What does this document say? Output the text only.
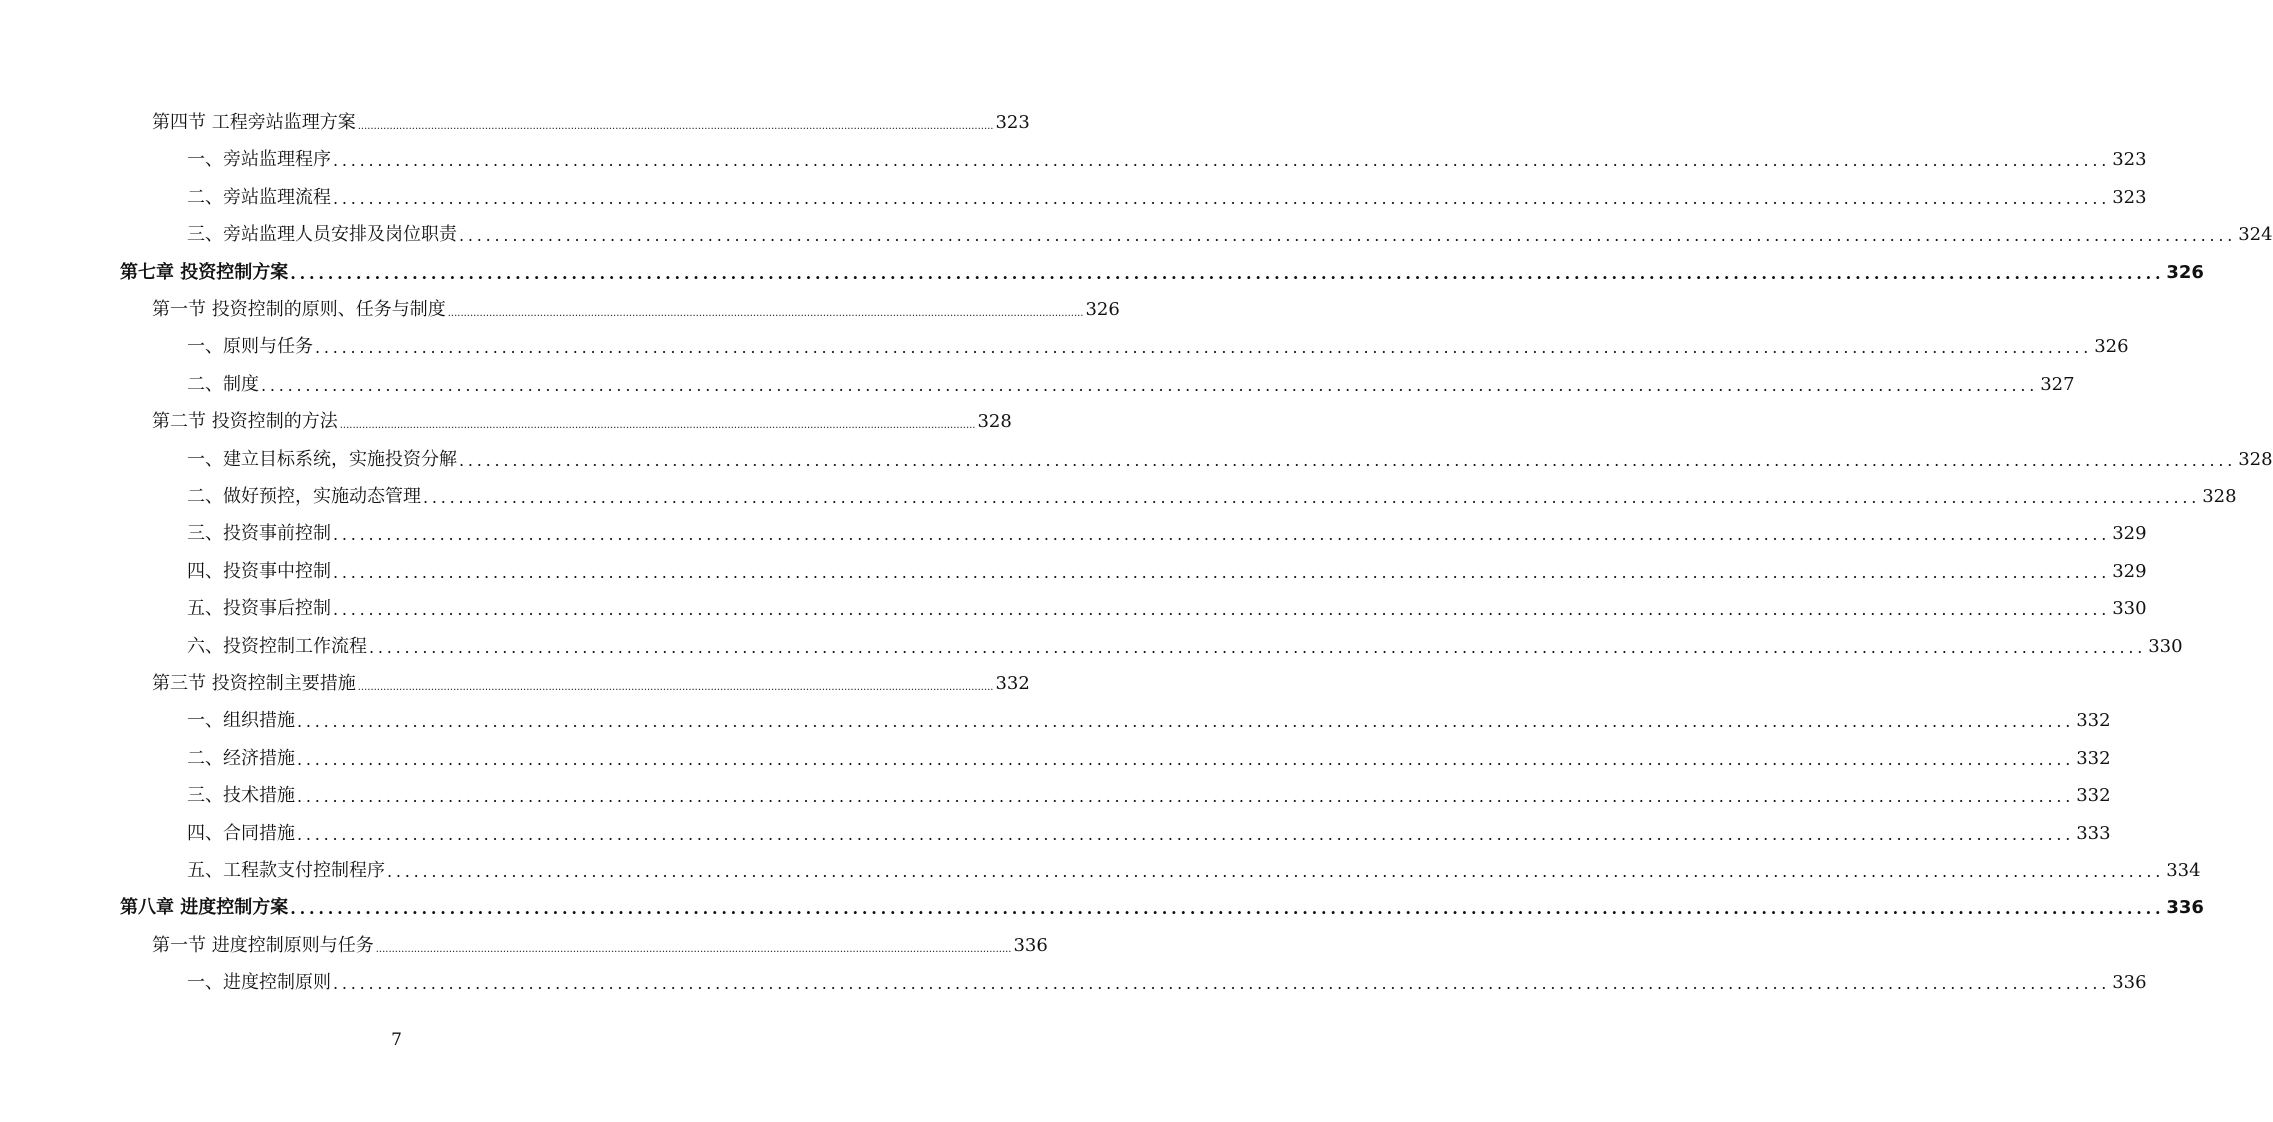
第四节 工程旁站监理方案 ........................................................................................................................................................................................................ 323
一、旁站监理程序 ........................................................................................................................................................................................................ 323
二、旁站监理流程 ........................................................................................................................................................................................................ 323
三、旁站监理人员安排及岗位职责 ........................................................................................................................................................................................................ 324
第七章 投资控制方案 ........................................................................................................................................................................................................ 326
第一节 投资控制的原则、任务与制度 ........................................................................................................................................................................................................ 326
一、原则与任务 ........................................................................................................................................................................................................ 326
二、制度 ........................................................................................................................................................................................................ 327
第二节 投资控制的方法 ........................................................................................................................................................................................................ 328
一、建立目标系统，实施投资分解 ........................................................................................................................................................................................................ 328
二、做好预控，实施动态管理 ........................................................................................................................................................................................................ 328
三、投资事前控制 ........................................................................................................................................................................................................ 329
四、投资事中控制 ........................................................................................................................................................................................................ 329
五、投资事后控制 ........................................................................................................................................................................................................ 330
六、投资控制工作流程 ........................................................................................................................................................................................................ 330
第三节 投资控制主要措施 ........................................................................................................................................................................................................ 332
一、组织措施 ........................................................................................................................................................................................................ 332
二、经济措施 ........................................................................................................................................................................................................ 332
三、技术措施 ........................................................................................................................................................................................................ 332
四、合同措施 ........................................................................................................................................................................................................ 333
五、工程款支付控制程序 ........................................................................................................................................................................................................ 334
第八章 进度控制方案 ........................................................................................................................................................................................................ 336
第一节 进度控制原则与任务 ........................................................................................................................................................................................................ 336
一、进度控制原则 ........................................................................................................................................................................................................ 336
7
